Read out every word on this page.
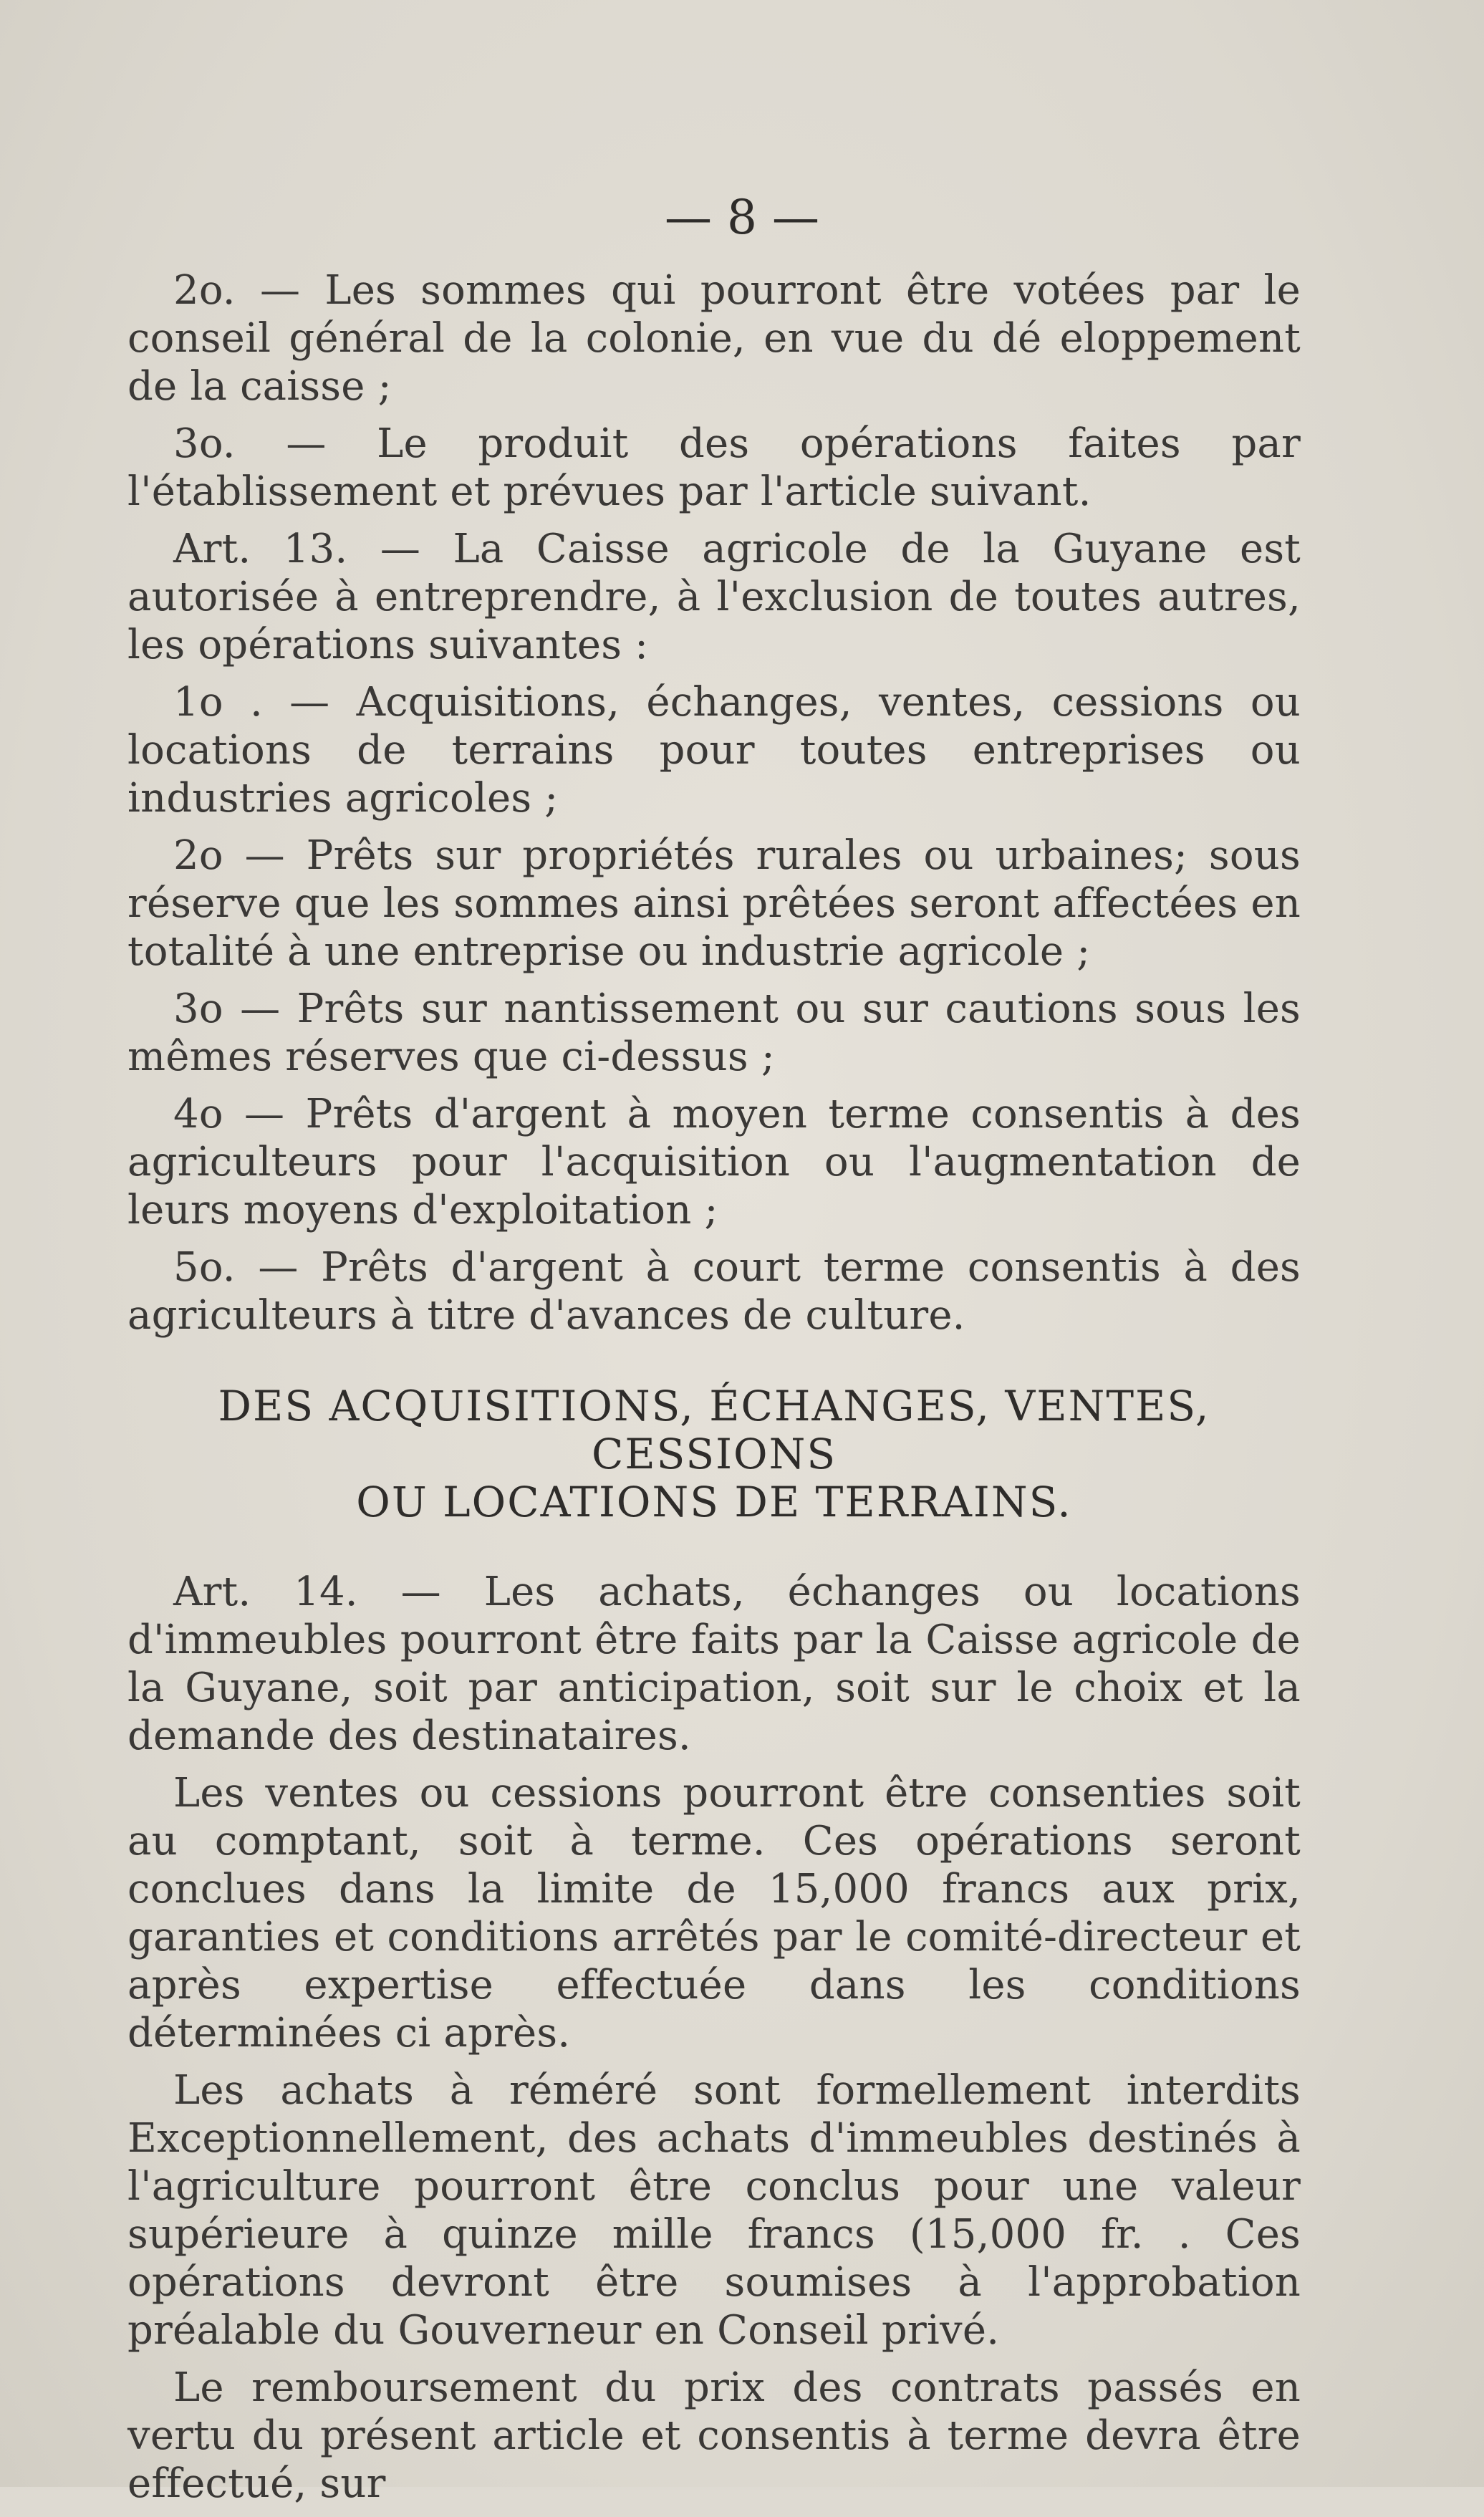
— 8 —

2o. — Les sommes qui pourront être votées par le conseil général de la colonie, en vue du dé eloppement de la caisse ;

3o. — Le produit des opérations faites par l'établissement et prévues par l'article suivant.

Art. 13. — La Caisse agricole de la Guyane est autorisée à entreprendre, à l'exclusion de toutes autres, les opérations suivantes :

1o . — Acquisitions, échanges, ventes, cessions ou locations de terrains pour toutes entreprises ou industries agricoles ;

2o — Prêts sur propriétés rurales ou urbaines; sous réserve que les sommes ainsi prêtées seront affectées en totalité à une entreprise ou industrie agricole ;

3o — Prêts sur nantissement ou sur cautions sous les mêmes réserves que ci-dessus ;

4o — Prêts d'argent à moyen terme consentis à des agriculteurs pour l'acquisition ou l'augmentation de leurs moyens d'exploitation ;

5o. — Prêts d'argent à court terme consentis à des agriculteurs à titre d'avances de culture.

DES ACQUISITIONS, ÉCHANGES, VENTES, CESSIONS
OU LOCATIONS DE TERRAINS.

Art. 14. — Les achats, échanges ou locations d'immeubles pourront être faits par la Caisse agricole de la Guyane, soit par anticipation, soit sur le choix et la demande des destinataires.

Les ventes ou cessions pourront être consenties soit au comptant, soit à terme. Ces opérations seront conclues dans la limite de 15,000 francs aux prix, garanties et conditions arrêtés par le comité-directeur et après expertise effectuée dans les conditions déterminées ci après.

Les achats à réméré sont formellement interdits Exceptionnellement, des achats d'immeubles destinés à l'agriculture pourront être conclus pour une valeur supérieure à quinze mille francs (15,000 fr. . Ces opérations devront être soumises à l'approbation préalable du Gouverneur en Conseil privé.

Le remboursement du prix des contrats passés en vertu du présent article et consentis à terme devra être effectué, sur
